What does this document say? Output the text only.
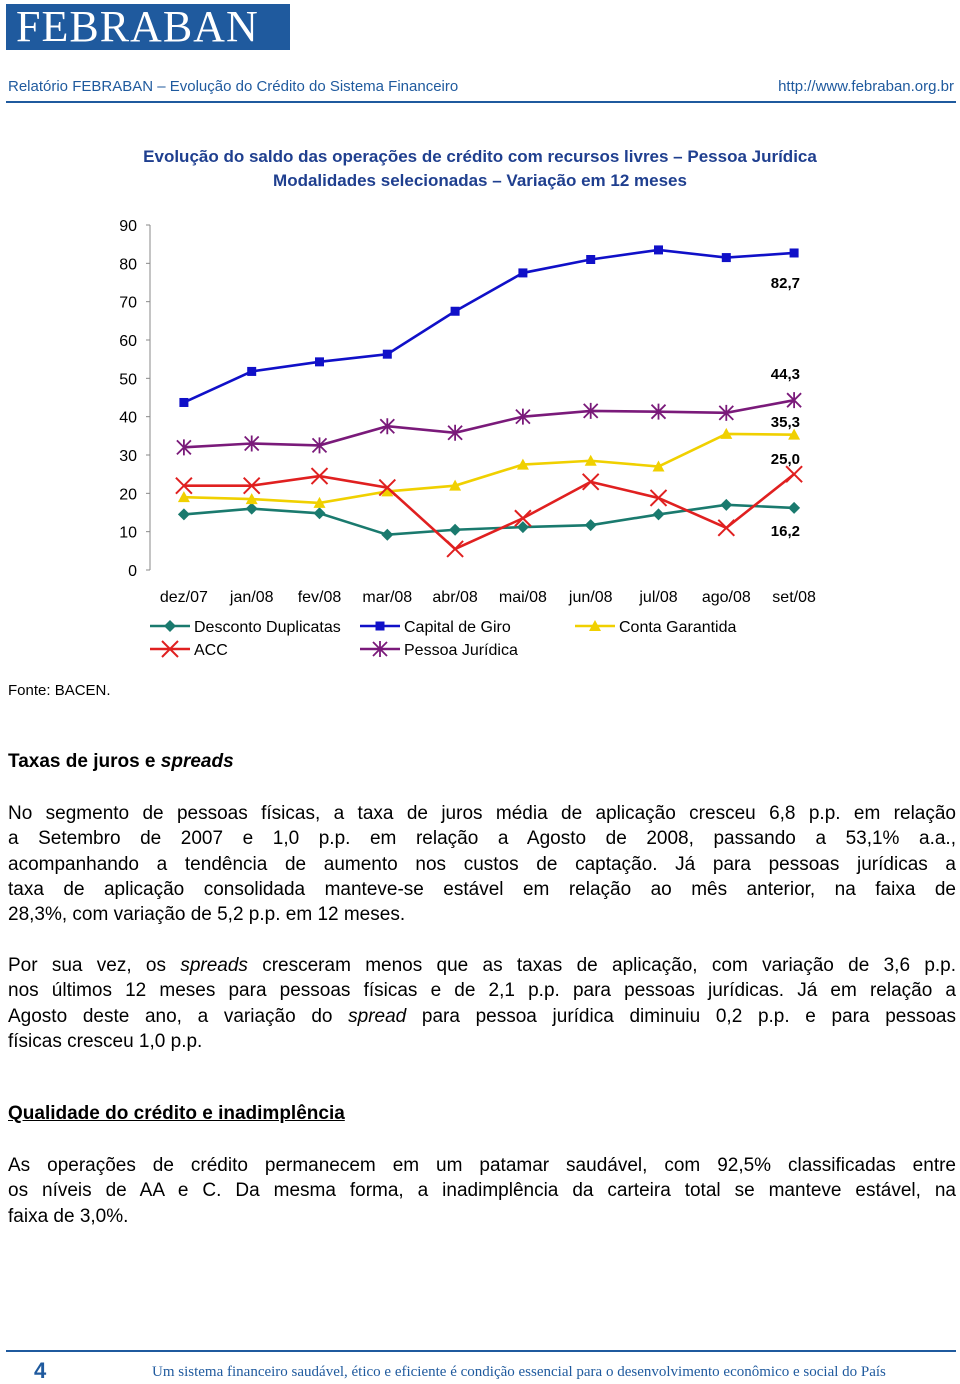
FEBRABAN
Relatório FEBRABAN – Evolução do Crédito do Sistema Financeiro	http://www.febraban.org.br
Evolução do saldo das operações de crédito com recursos livres – Pessoa Jurídica
Modalidades selecionadas – Variação em 12 meses
0
10
20
30
40
50
60
70
80
90
dez/07 jan/08 fev/08 mar/08 abr/08 mai/08 jun/08 jul/08 ago/08 set/08
82,7
44,3
35,3
25,0
16,2
Desconto Duplicatas	Capital de Giro	Conta Garantida
ACC	Pessoa Jurídica
Fonte: BACEN.
Taxas de juros e spreads
No segmento de pessoas físicas, a taxa de juros média de aplicação cresceu 6,8 p.p. em relação
a Setembro de 2007 e 1,0 p.p. em relação a Agosto de 2008, passando a 53,1% a.a.,
acompanhando a tendência de aumento nos custos de captação. Já para pessoas jurídicas a
taxa de aplicação consolidada manteve-se estável em relação ao mês anterior, na faixa de
28,3%, com variação de 5,2 p.p. em 12 meses.
Por sua vez, os spreads cresceram menos que as taxas de aplicação, com variação de 3,6 p.p.
nos últimos 12 meses para pessoas físicas e de 2,1 p.p. para pessoas jurídicas. Já em relação a
Agosto deste ano, a variação do spread para pessoa jurídica diminuiu 0,2 p.p. e para pessoas
físicas cresceu 1,0 p.p.
Qualidade do crédito e inadimplência
As operações de crédito permanecem em um patamar saudável, com 92,5% classificadas entre
os níveis de AA e C. Da mesma forma, a inadimplência da carteira total se manteve estável, na
faixa de 3,0%.
4	Um sistema financeiro saudável, ético e eficiente é condição essencial para o desenvolvimento econômico e social do País
